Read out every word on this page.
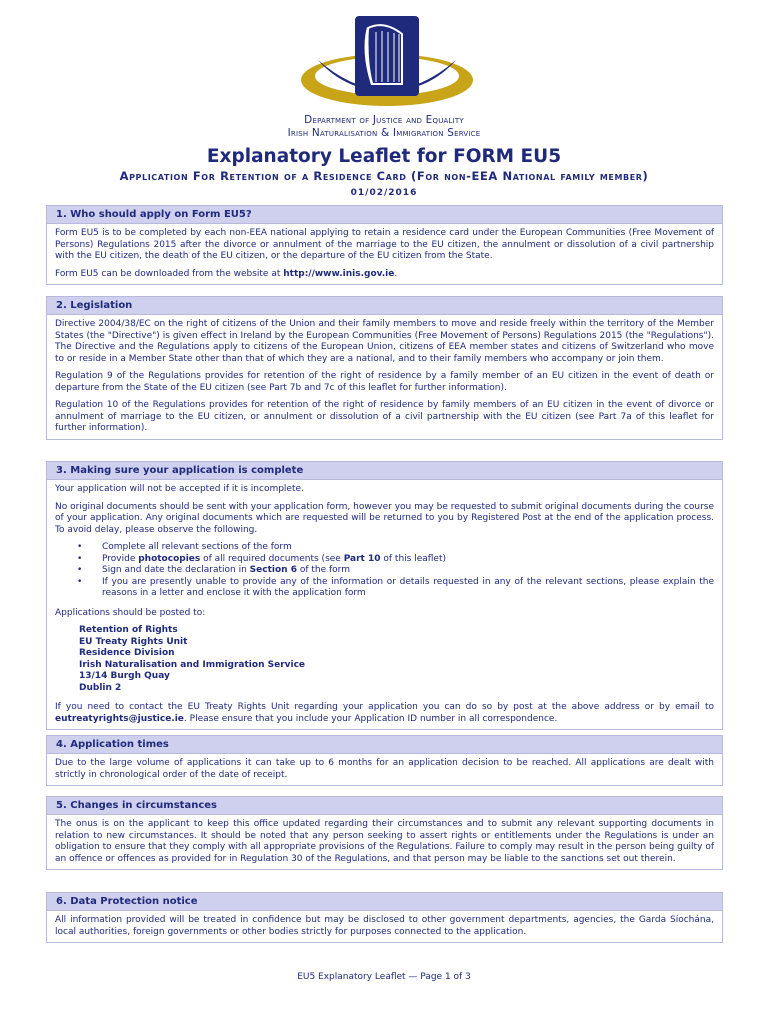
Department of Justice and Equality
Irish Naturalisation & Immigration Service
Explanatory Leaflet for FORM EU5
Application For Retention of a Residence Card (For non-EEA National family member)
01/02/2016
1. Who should apply on Form EU5?

Form EU5 is to be completed by each non-EEA national applying to retain a residence card under the European Communities (Free Movement of Persons) Regulations 2015 after the divorce or annulment of the marriage to the EU citizen, the annulment or dissolution of a civil partnership with the EU citizen, the death of the EU citizen, or the departure of the EU citizen from the State.

Form EU5 can be downloaded from the website at http://www.inis.gov.ie.

2. Legislation

Directive 2004/38/EC on the right of citizens of the Union and their family members to move and reside freely within the territory of the Member States (the "Directive") is given effect in Ireland by the European Communities (Free Movement of Persons) Regulations 2015 (the "Regulations"). The Directive and the Regulations apply to citizens of the European Union, citizens of EEA member states and citizens of Switzerland who move to or reside in a Member State other than that of which they are a national, and to their family members who accompany or join them.

Regulation 9 of the Regulations provides for retention of the right of residence by a family member of an EU citizen in the event of death or departure from the State of the EU citizen (see Part 7b and 7c of this leaflet for further information).

Regulation 10 of the Regulations provides for retention of the right of residence by family members of an EU citizen in the event of divorce or annulment of marriage to the EU citizen, or annulment or dissolution of a civil partnership with the EU citizen (see Part 7a of this leaflet for further information).

3. Making sure your application is complete

Your application will not be accepted if it is incomplete.

No original documents should be sent with your application form, however you may be requested to submit original documents during the course of your application. Any original documents which are requested will be returned to you by Registered Post at the end of the application process. To avoid delay, please observe the following.

• Complete all relevant sections of the form
• Provide photocopies of all required documents (see Part 10 of this leaflet)
• Sign and date the declaration in Section 6 of the form
• If you are presently unable to provide any of the information or details requested in any of the relevant sections, please explain the reasons in a letter and enclose it with the application form

Applications should be posted to:

Retention of Rights
EU Treaty Rights Unit
Residence Division
Irish Naturalisation and Immigration Service
13/14 Burgh Quay
Dublin 2

If you need to contact the EU Treaty Rights Unit regarding your application you can do so by post at the above address or by email to eutreatyrights@justice.ie. Please ensure that you include your Application ID number in all correspondence.

4. Application times

Due to the large volume of applications it can take up to 6 months for an application decision to be reached. All applications are dealt with strictly in chronological order of the date of receipt.

5. Changes in circumstances

The onus is on the applicant to keep this office updated regarding their circumstances and to submit any relevant supporting documents in relation to new circumstances. It should be noted that any person seeking to assert rights or entitlements under the Regulations is under an obligation to ensure that they comply with all appropriate provisions of the Regulations. Failure to comply may result in the person being guilty of an offence or offences as provided for in Regulation 30 of the Regulations, and that person may be liable to the sanctions set out therein.

6. Data Protection notice

All information provided will be treated in confidence but may be disclosed to other government departments, agencies, the Garda Síochána, local authorities, foreign governments or other bodies strictly for purposes connected to the application.

EU5 Explanatory Leaflet — Page 1 of 3
